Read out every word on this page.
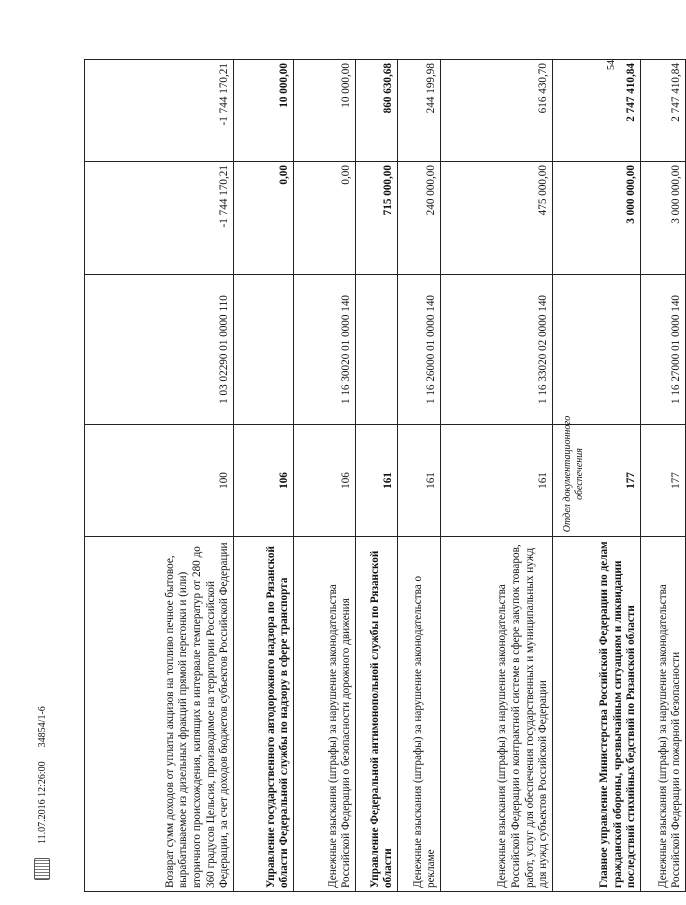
54
Возврат сумм доходов от уплаты акцизов на топливо печное бытовое, вырабатываемое из дизельных фракций прямой перегонки и (или) вторичного происхождения, кипящих в интервале температур от 280 до 360 градусов Цельсия, производимое на территории Российской Федерации, за счет доходов бюджетов субъектов Российской Федерации	100	1 03 02290 01 0000 110	-1 744 170,21	-1 744 170,21
Управление государственного автодорожного надзора по Рязанской области Федеральной службы по надзору в сфере транспорта	106		0,00	10 000,00
Денежные взыскания (штрафы) за нарушение законодательства Российской Федерации о безопасности дорожного движения	106	1 16 30020 01 0000 140	0,00	10 000,00
Управление Федеральной антимонопольной службы по Рязанской области	161		715 000,00	860 630,68
Денежные взыскания (штрафы) за нарушение законодательства о рекламе	161	1 16 26000 01 0000 140	240 000,00	244 199,98
Денежные взыскания (штрафы) за нарушение законодательства Российской Федерации о контрактной системе в сфере закупок товаров, работ, услуг для обеспечения государственных и муниципальных нужд для нужд субъектов Российской Федерации	161	1 16 33020 02 0000 140	475 000,00	616 430,70
Главное управление Министерства Российской Федерации по делам гражданской обороны, чрезвычайным ситуациям и ликвидации последствий стихийных бедствий по Рязанской области	177		3 000 000,00	2 747 410,84
Денежные взыскания (штрафы) за нарушение законодательства Российской Федерации о пожарной безопасности	177	1 16 27000 01 0000 140	3 000 000,00	2 747 410,84
11.07.2016 12:26:00
34854/1-6
Отдел документационного обеспечения
